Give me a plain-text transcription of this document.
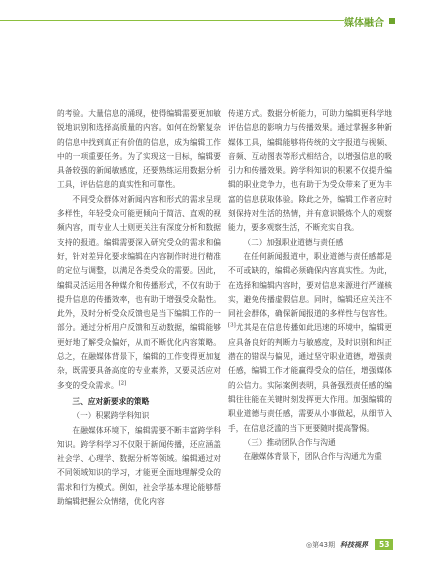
媒体融合

的考验。大量信息的涌现，使得编辑需要更加敏锐地识别和选择高质量的内容。如何在纷繁复杂的信息中找到真正有价值的信息，成为编辑工作中的一项重要任务。为了实现这一目标，编辑要具备较强的新闻敏感度，还要熟练运用数据分析工具，评估信息的真实性和可靠性。

不同受众群体对新闻内容和形式的需求呈现多样性，年轻受众可能更倾向于简洁、直观的视频内容，而专业人士则更关注有深度分析和数据支持的报道。编辑需要深入研究受众的需求和偏好，针对差异化要求编辑在内容制作时进行精准的定位与调整，以满足各类受众的需要。因此，编辑灵活运用各种媒介和传播形式，不仅有助于提升信息的传播效率，也有助于增强受众黏性。此外，及时分析受众反馈也是当下编辑工作的一部分。通过分析用户反馈和互动数据，编辑能够更好地了解受众偏好，从而不断优化内容策略。总之，在融媒体背景下，编辑的工作变得更加复杂，既需要具备高度的专业素养，又要灵活应对多变的受众需求。[2]

三、应对新要求的策略

（一）积累跨学科知识

在融媒体环境下，编辑需要不断丰富跨学科知识。跨学科学习不仅限于新闻传播，还应涵盖社会学、心理学、数据分析等领域。编辑通过对不同领域知识的学习，才能更全面地理解受众的需求和行为模式。例如，社会学基本理论能够帮助编辑把握公众情绪，优化内容

传递方式。数据分析能力，可助力编辑更科学地评估信息的影响力与传播效果。通过掌握多种新媒体工具，编辑能够将传统的文字报道与视频、音频、互动图表等形式相结合，以增强信息的吸引力和传播效果。跨学科知识的积累不仅提升编辑的职业竞争力，也有助于为受众带来了更为丰富的信息获取体验。除此之外，编辑工作者应时刻保持对生活的热情，并有意识锻炼个人的观察能力，要多观察生活，不断充实自我。

（二）加强职业道德与责任感

在任何新闻报道中，职业道德与责任感都是不可或缺的，编辑必须确保内容真实性。为此，在选择和编辑内容时，要对信息来源进行严谨核实，避免传播虚假信息。同时，编辑还应关注不同社会群体，确保新闻报道的多样性与包容性。[3]尤其是在信息传播如此迅速的环境中，编辑更应具备良好的判断力与敏感度，及时识别和纠正潜在的错误与偏见，通过坚守职业道德，增强责任感，编辑工作才能赢得受众的信任，增强媒体的公信力。实际案例表明，具备强烈责任感的编辑往往能在关键时刻发挥更大作用。加强编辑的职业道德与责任感，需要从小事做起，从细节入手，在信息泛滥的当下更要随时提高警惕。

（三）推动团队合作与沟通

在融媒体背景下，团队合作与沟通尤为重

◎第43期 科技视界	53
